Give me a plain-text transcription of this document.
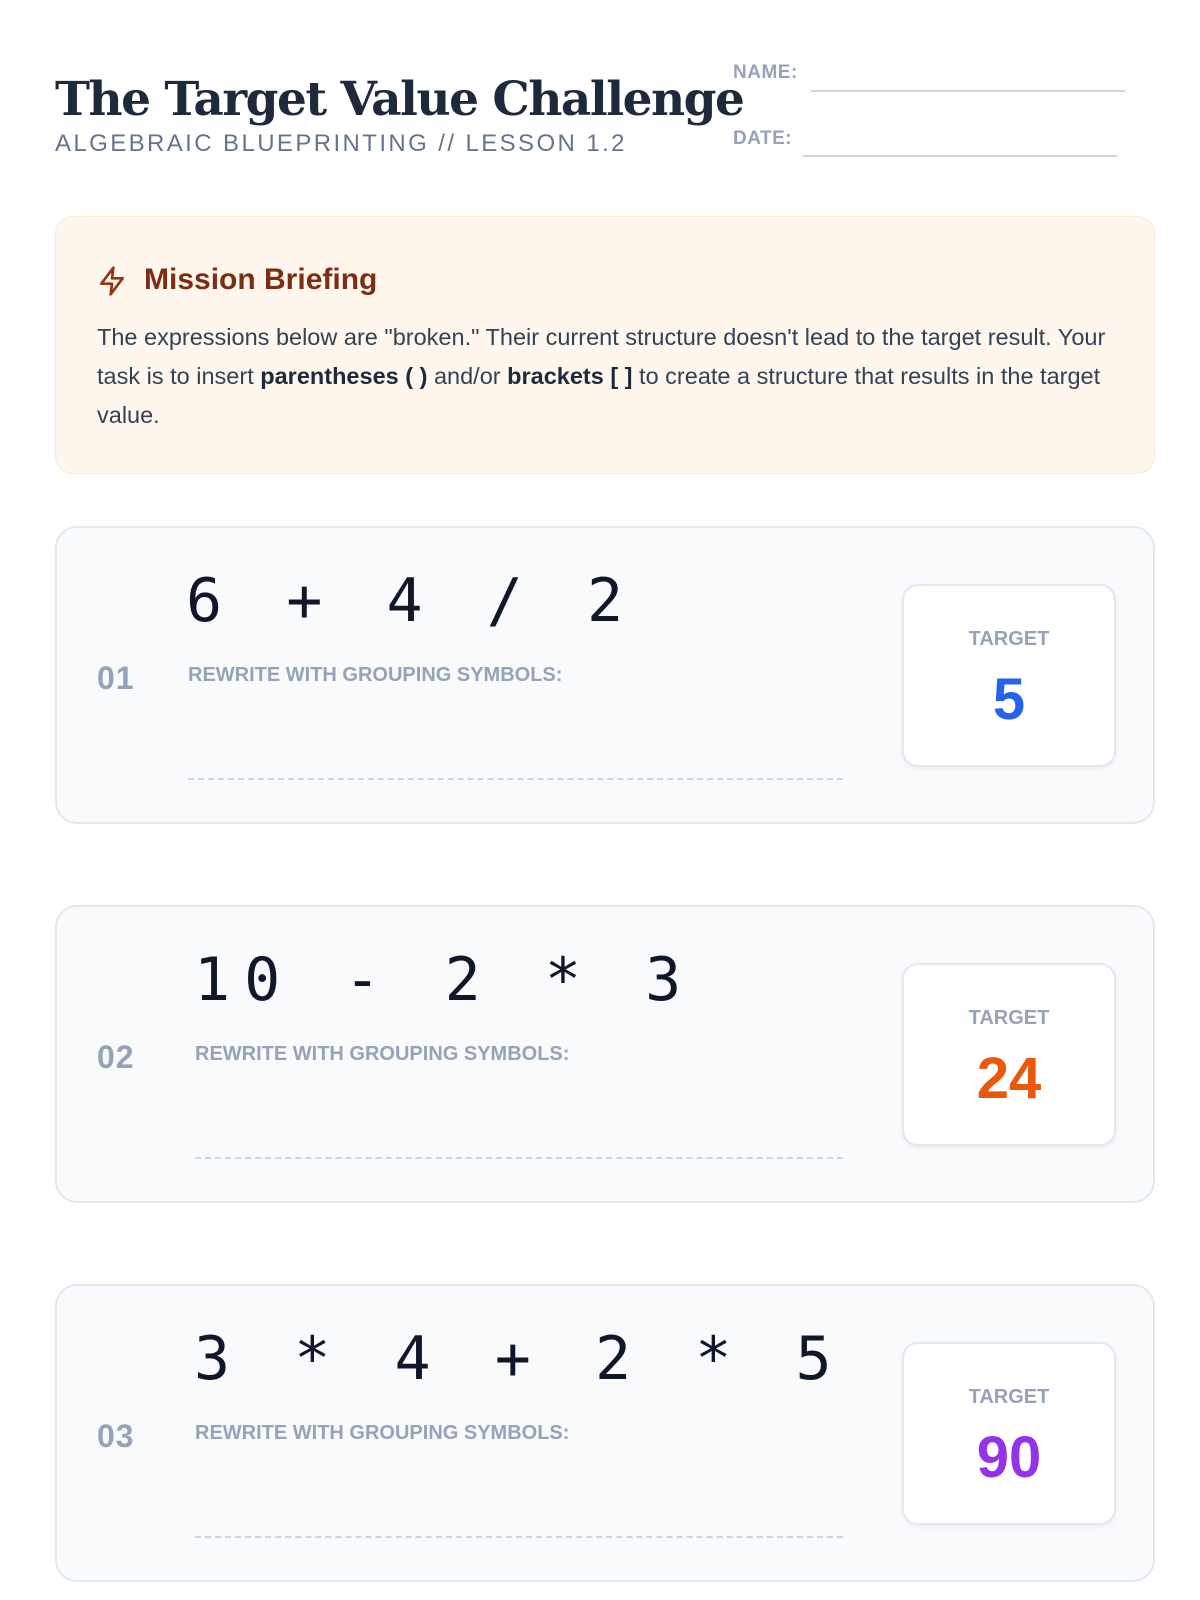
The Target Value Challenge
ALGEBRAIC BLUEPRINTING // LESSON 1.2
NAME:
DATE:
Mission Briefing

The expressions below are "broken." Their current structure doesn't lead to the target result. Your task is to insert parentheses ( ) and/or brackets [ ] to create a structure that results in the target value.

01
6 + 4 / 2
REWRITE WITH GROUPING SYMBOLS:
TARGET
5
02
10 - 2 * 3
REWRITE WITH GROUPING SYMBOLS:
TARGET
24
03
3 * 4 + 2 * 5
REWRITE WITH GROUPING SYMBOLS:
TARGET
90
